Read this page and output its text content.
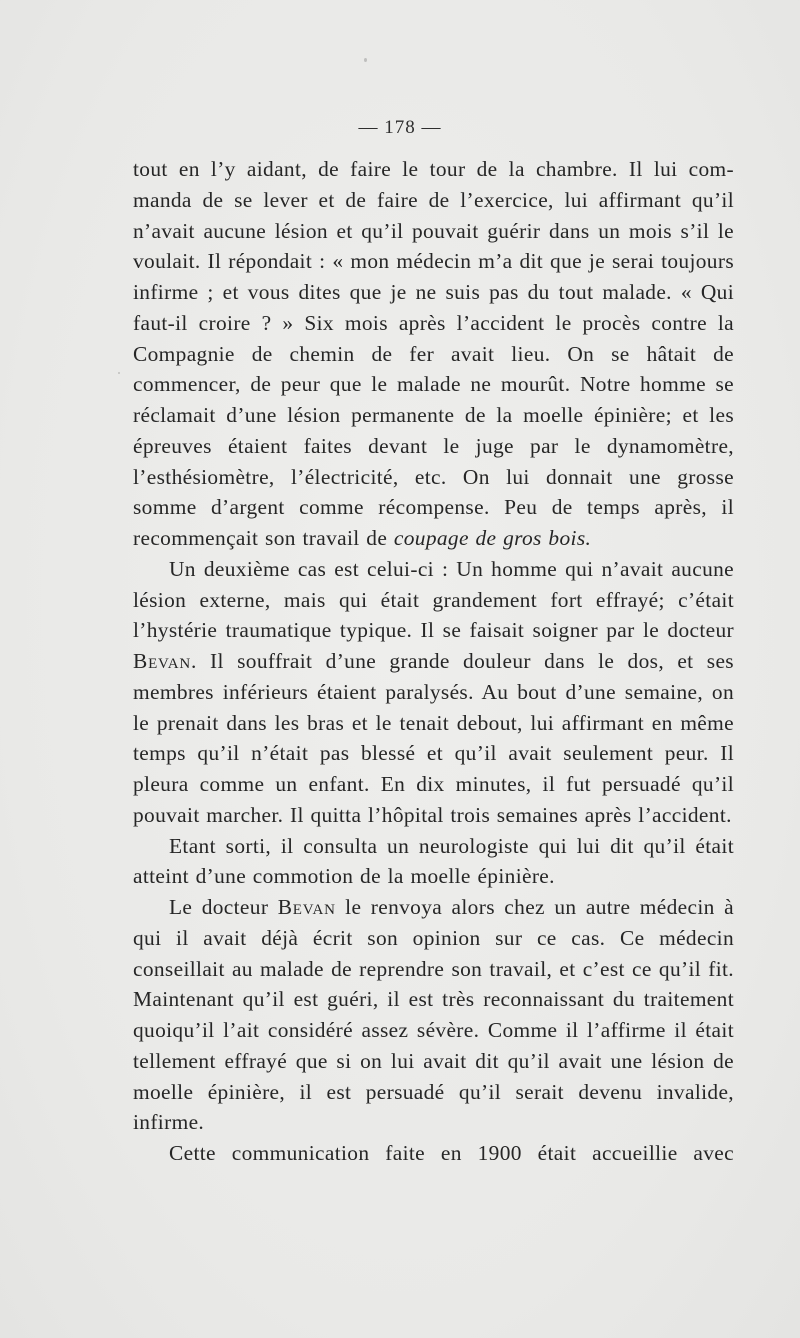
— 178 —

tout en l’y aidant, de faire le tour de la chambre. Il lui com-mandа de se lever et de faire de l’exercice, lui affirmant qu’il n’avait aucune lésion et qu’il pouvait guérir dans un mois s’il le voulait. Il répondait : « mon médecin m’a dit que je serai toujours infirme ; et vous dites que je ne suis pas du tout malade. « Qui faut-il croire ? » Six mois après l’accident le procès contre la Compagnie de chemin de fer avait lieu. On se hâtait de commencer, de peur que le malade ne mourût. Notre homme se réclamait d’une lésion permanente de la moelle épinière; et les épreuves étaient faites devant le juge par le dynamomètre, l’esthésiomètre, l’électricité, etc. On lui donnait une grosse somme d’argent comme récompense. Peu de temps après, il recommençait son travail de coupage de gros bois.

Un deuxième cas est celui-ci : Un homme qui n’avait aucune lésion externe, mais qui était grandement fort effrayé; c’était l’hystérie traumatique typique. Il se faisait soigner par le docteur Bevan. Il souffrait d’une grande douleur dans le dos, et ses membres inférieurs étaient paralysés. Au bout d’une semaine, on le prenait dans les bras et le tenait debout, lui affirmant en même temps qu’il n’était pas blessé et qu’il avait seulement peur. Il pleura comme un enfant. En dix minutes, il fut persuadé qu’il pouvait marcher. Il quitta l’hôpital trois semaines après l’accident.

Etant sorti, il consulta un neurologiste qui lui dit qu’il était atteint d’une commotion de la moelle épinière.

Le docteur Bevan le renvoya alors chez un autre médecin à qui il avait déjà écrit son opinion sur ce cas. Ce médecin conseillait au malade de reprendre son travail, et c’est ce qu’il fit. Maintenant qu’il est guéri, il est très reconnaissant du traitement quoiqu’il l’ait considéré assez sévère. Comme il l’affirme il était tellement effrayé que si on lui avait dit qu’il avait une lésion de moelle épinière, il est persuadé qu’il serait devenu invalide, infirme.

Cette communication faite en 1900 était accueillie avec
